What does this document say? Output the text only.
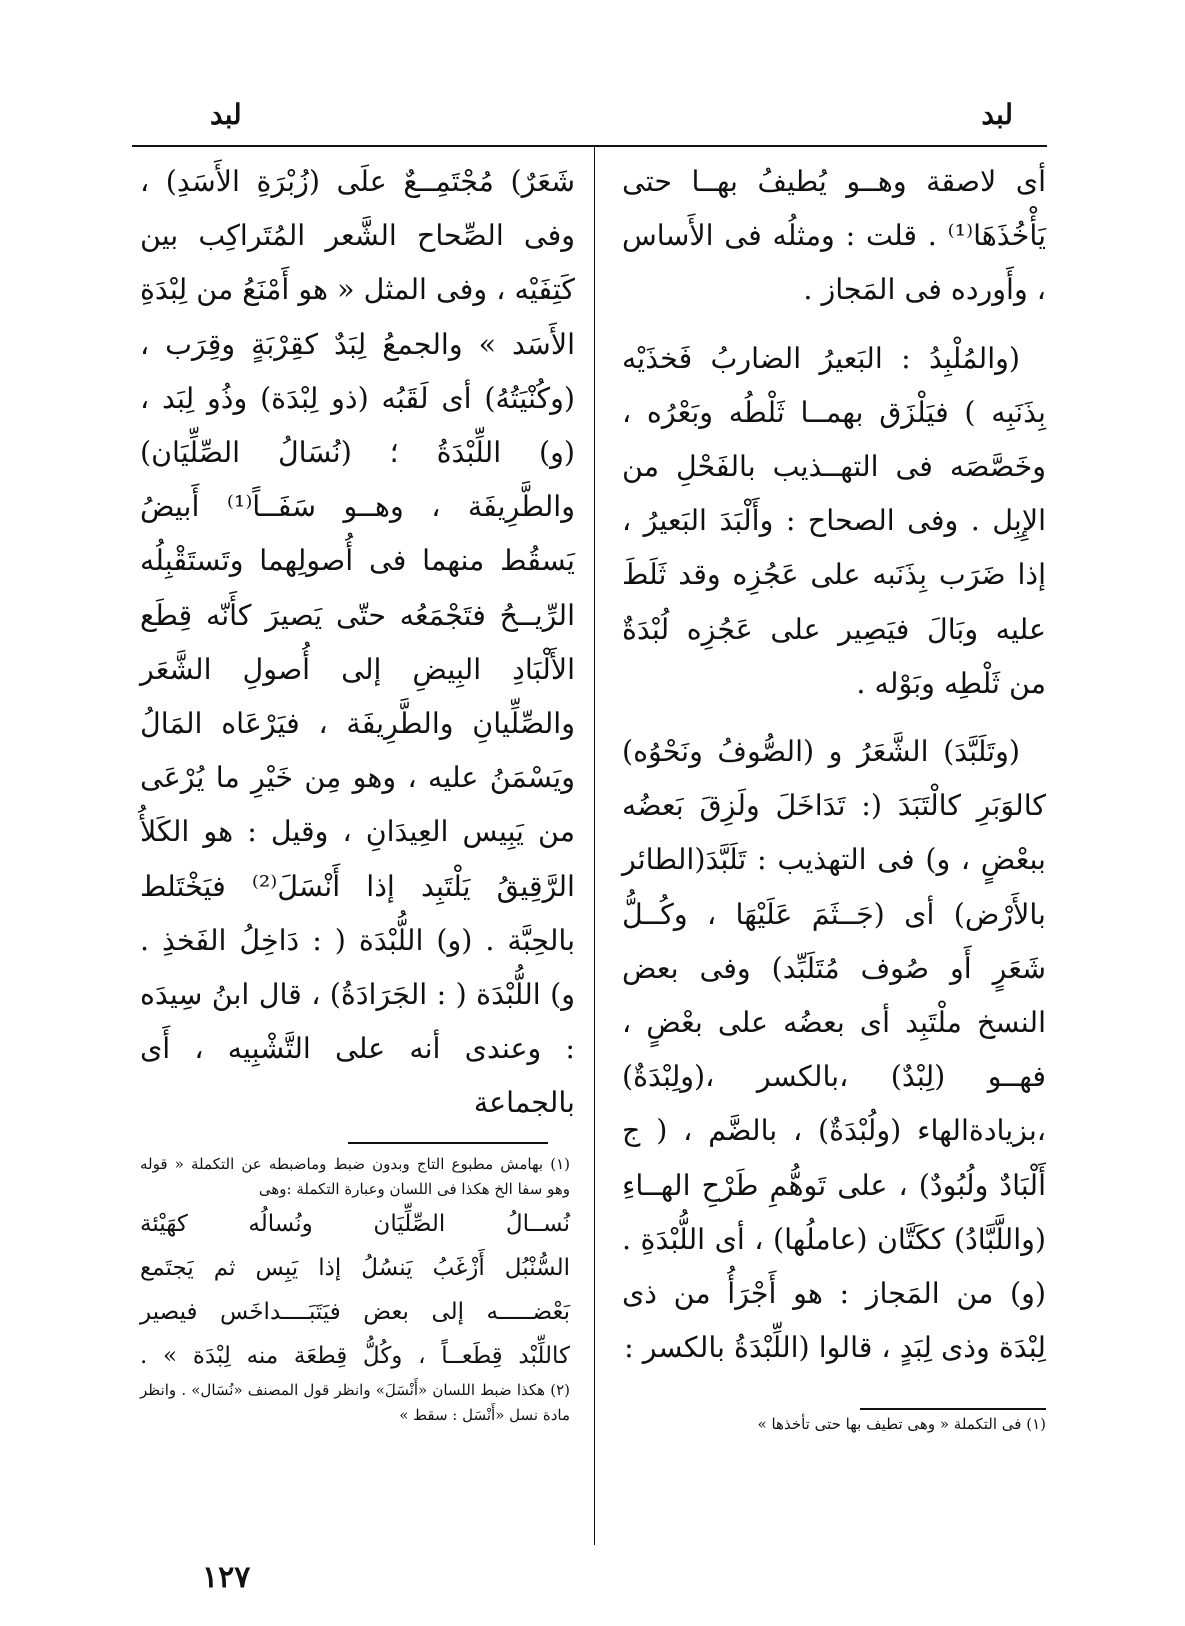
لبد
لبد

أى لاصقة وهــو يُطيفُ بهــا حتى يَأْخُذَهَا⁽¹⁾ . قلت : ومثلُه فى الأَساس ، وأَورده فى المَجاز .

(والمُلْبِدُ : البَعيرُ الضاربُ فَخذَيْه بِذَنَبِه ) فيَلْزَق بهمــا ثَلْطُه وبَعْرُه ، وخَصَّصَه فى التهــذيب بالفَحْلِ من الإِبِل . وفى الصحاح : وأَلْبَدَ البَعيرُ ، إذا ضَرَب بِذَنَبه على عَجُزِه وقد ثَلَطَ عليه وبَالَ فيَصِير على عَجُزِه لُبْدَةٌ من ثَلْطِه وبَوْله .

(وتَلَبَّدَ) الشَّعَرُ و (الصُّوفُ ونَحْوُه) كالوَبَرِ كالْتَبَدَ (: تَدَاخَلَ ولَزِقَ بَعضُه ببعْضٍ ، و) فى التهذيب : تَلَبَّدَ(الطائر بالأَرْض) أى (جَــثَمَ عَلَيْهَا ، وكُــلُّ شَعَرٍ أَو صُوف مُتَلَبِّد) وفى بعض النسخ ملْتَبِد أى بعضُه على بعْضٍ ، فهــو (لِبْدٌ) ،بالكسر ،(ولِبْدَةٌ) ،بزيادةالهاء (ولُبْدَةٌ) ، بالضَّم ، ( ج أَلْبَادٌ ولُبُودٌ) ، على تَوهُّمِ طَرْحِ الهــاءِ (واللَّبَّادُ) ككَتَّان (عاملُها) ، أى اللُّبْدَةِ . (و) من المَجاز : هو أَجْرَأُ من ذى لِبْدَة وذى لِبَدٍ ، قالوا (اللِّبْدَةُ بالكسر :

شَعَرٌ) مُجْتَمِــعٌ علَى (زُبْرَةِ الأَسَدِ) ، وفى الصِّحاح الشَّعر المُتَراكِب بين كَتِفَيْه ، وفى المثل « هو أَمْنَعُ من لِبْدَةِ الأَسَد » والجمعُ لِبَدٌ كقِرْبَةٍ وقِرَب ، (وكُنْيَتُهُ) أى لَقَبُه (ذو لِبْدَة) وذُو لِبَد ، (و) اللِّبْدَةُ ؛ (نُسَالُ الصِّلِّيَان) والطَّرِيفَة ، وهــو سَفَــاً⁽¹⁾ أَبيضُ يَسقُط منهما فى أُصولِهما وتَستَقْبِلُه الرِّيــحُ فتَجْمَعُه حتّى يَصيرَ كأَنّه قِطَع الأَلْبَادِ البِيضِ إلى أُصولِ الشَّعَر والصِّلِّيانِ والطَّرِيفَة ، فيَرْعَاه المَالُ ويَسْمَنُ عليه ، وهو مِن خَيْرِ ما يُرْعَى من يَبِيس العِيدَانِ ، وقيل : هو الكَلأُ الرَّقِيقُ يَلْتَبِد إذا أَنْسَلَ⁽²⁾ فيَخْتَلط بالحِبَّة . (و) اللُّبْدَة ( : دَاخِلُ الفَخذِ . و) اللُّبْدَة ( : الجَرَادَةُ) ، قال ابنُ سِيدَه : وعندى أنه على التَّشْبِيه ، أَى بالجماعة

(١) بهامش مطبوع التاج وبدون ضبط وماضبطه عن التكملة « قوله وهو سفا الخ هكذا فى اللسان وعبارة التكملة :وهى

نُســالُ الصِّلِّيَان ونُسالُه كهَيْئة
السُّنْبُل أَزْغَبُ يَنسُلُ إذا يَبِس ثم يَجتَمع
بَعْضـــــه إلى بعض فيَتَبَــــداخَس فيصير
كاللِّبْد قِطَعــاً ، وكُلُّ قِطعَة منه لِبْدَة » .

(٢) هكذا ضبط اللسان «أَنْسَلَ» وانظر قول المصنف «نُسَال» . وانظر مادة نسل «أَنْسَل : سقط »	(١) فى التكملة « وهى تطيف بها حتى تأخذها »

١٢٧
